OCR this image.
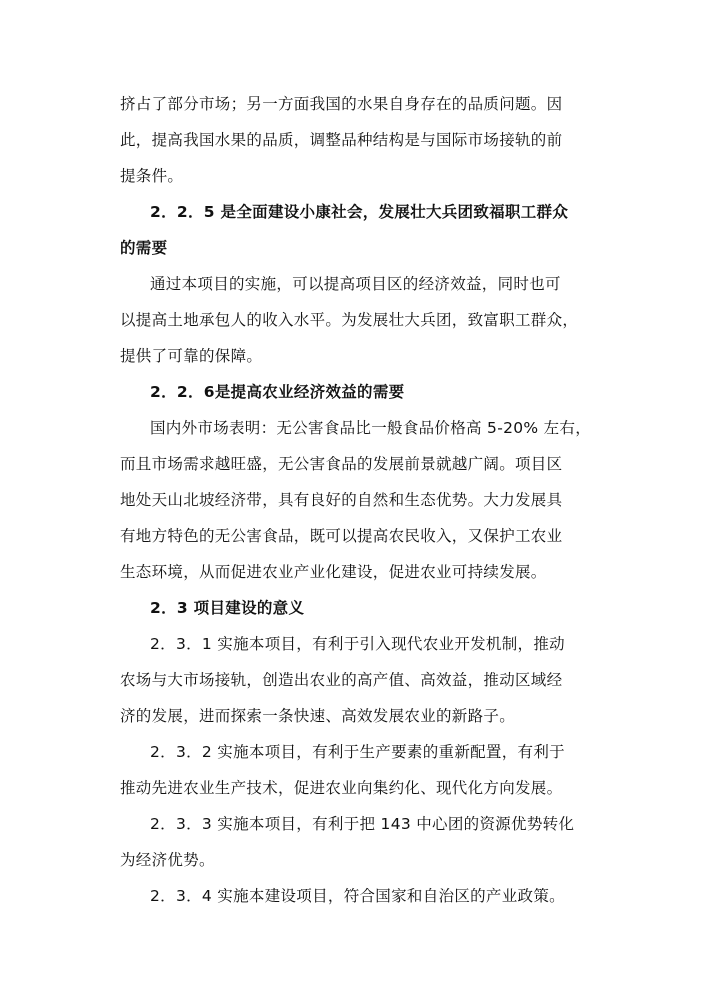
挤占了部分市场；另一方面我国的水果自身存在的品质问题。因
此，提高我国水果的品质，调整品种结构是与国际市场接轨的前
提条件。
2．2．5 是全面建设小康社会，发展壮大兵团致福职工群众
的需要
通过本项目的实施，可以提高项目区的经济效益，同时也可
以提高土地承包人的收入水平。为发展壮大兵团，致富职工群众，
提供了可靠的保障。
2．2．6是提高农业经济效益的需要
国内外市场表明：无公害食品比一般食品价格高 5-20% 左右，
而且市场需求越旺盛，无公害食品的发展前景就越广阔。项目区
地处天山北坡经济带，具有良好的自然和生态优势。大力发展具
有地方特色的无公害食品，既可以提高农民收入，又保护工农业
生态环境，从而促进农业产业化建设，促进农业可持续发展。
2．3 项目建设的意义
2．3．1 实施本项目，有利于引入现代农业开发机制，推动
农场与大市场接轨，创造出农业的高产值、高效益，推动区域经
济的发展，进而探索一条快速、高效发展农业的新路子。
2．3．2 实施本项目，有利于生产要素的重新配置，有利于
推动先进农业生产技术，促进农业向集约化、现代化方向发展。
2．3．3 实施本项目，有利于把 143 中心团的资源优势转化
为经济优势。
2．3．4 实施本建设项目，符合国家和自治区的产业政策。
